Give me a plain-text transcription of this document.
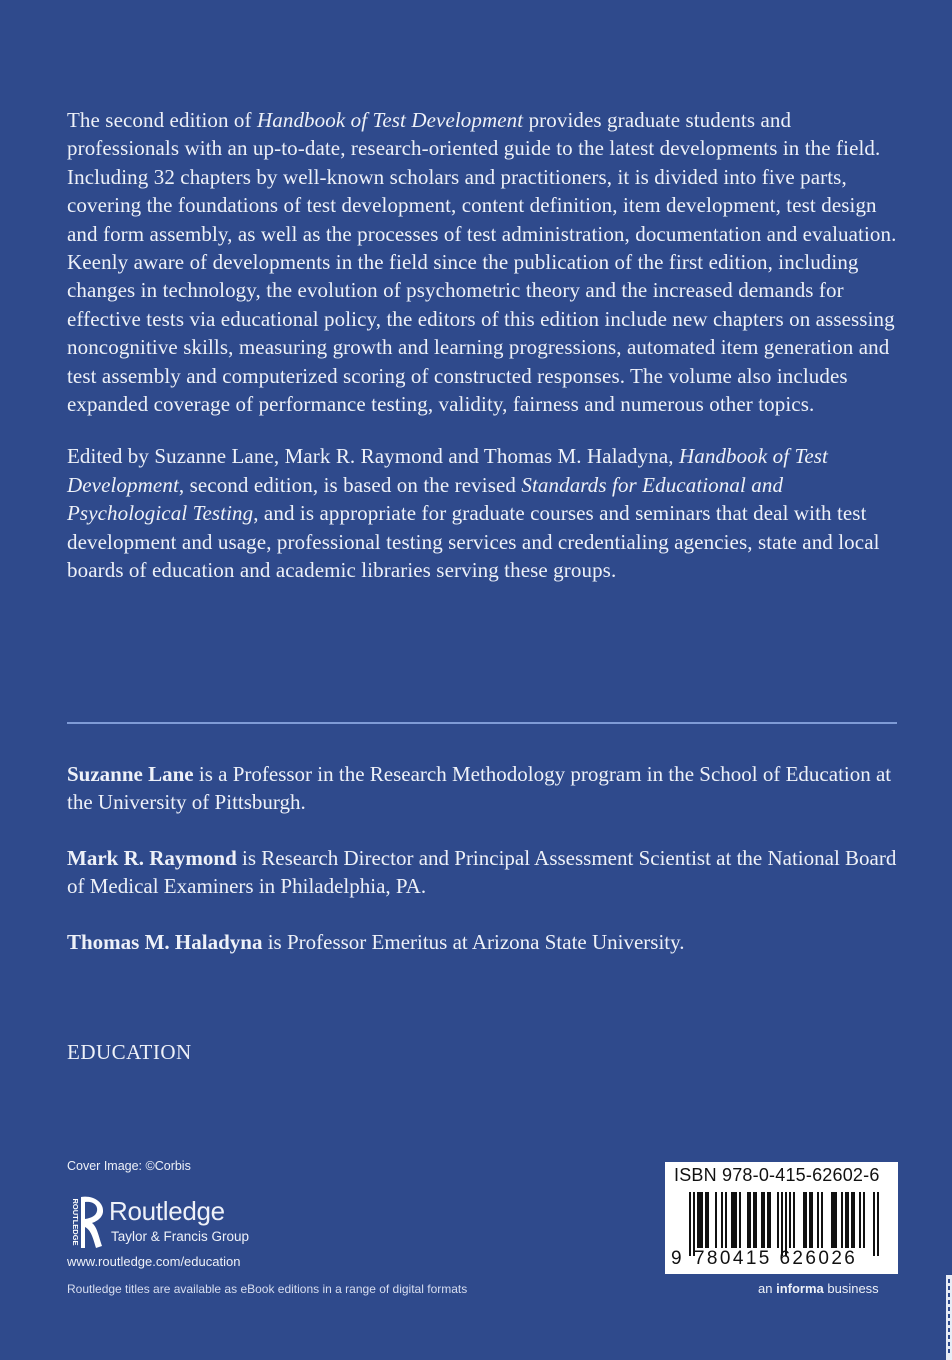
The second edition of Handbook of Test Development provides graduate students and professionals with an up-to-date, research-oriented guide to the latest developments in the field. Including 32 chapters by well-known scholars and practitioners, it is divided into five parts, covering the foundations of test development, content definition, item development, test design and form assembly, as well as the processes of test administration, documentation and evaluation. Keenly aware of developments in the field since the publication of the first edition, including changes in technology, the evolution of psychometric theory and the increased demands for effective tests via educational policy, the editors of this edition include new chapters on assessing noncognitive skills, measuring growth and learning progressions, automated item generation and test assembly and computerized scoring of constructed responses. The volume also includes expanded coverage of performance testing, validity, fairness and numerous other topics.

Edited by Suzanne Lane, Mark R. Raymond and Thomas M. Haladyna, Handbook of Test Development, second edition, is based on the revised Standards for Educational and Psychological Testing, and is appropriate for graduate courses and seminars that deal with test development and usage, professional testing services and credentialing agencies, state and local boards of education and academic libraries serving these groups.

Suzanne Lane is a Professor in the Research Methodology program in the School of Education at the University of Pittsburgh.

Mark R. Raymond is Research Director and Principal Assessment Scientist at the National Board of Medical Examiners in Philadelphia, PA.

Thomas M. Haladyna is Professor Emeritus at Arizona State University.

EDUCATION
Cover Image: ©Corbis
ROUTLEDGE Routledge
Taylor & Francis Group
www.routledge.com/education
Routledge titles are available as eBook editions in a range of digital formats
ISBN 978-0-415-62602-6
9 780415 626026
an informa business
